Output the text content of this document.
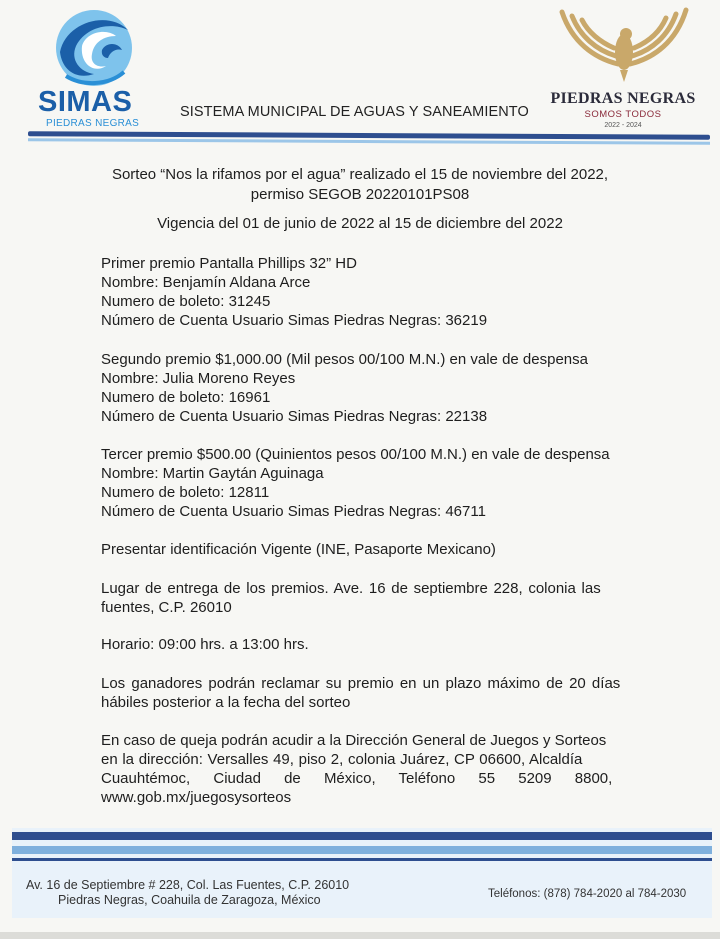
SIMAS
PIEDRAS NEGRAS
SISTEMA MUNICIPAL DE AGUAS Y SANEAMIENTO
PIEDRAS NEGRAS
SOMOS TODOS
2022 - 2024
Sorteo “Nos la rifamos por el agua” realizado el 15 de noviembre del 2022,
permiso SEGOB 20220101PS08
Vigencia del 01 de junio de 2022 al 15 de diciembre del 2022
Primer premio Pantalla Phillips 32” HD
Nombre: Benjamín Aldana Arce
Numero de boleto: 31245
Número de Cuenta Usuario Simas Piedras Negras: 36219
Segundo premio $1,000.00 (Mil pesos 00/100 M.N.) en vale de despensa
Nombre: Julia Moreno Reyes
Numero de boleto: 16961
Número de Cuenta Usuario Simas Piedras Negras: 22138
Tercer premio $500.00 (Quinientos pesos 00/100 M.N.) en vale de despensa
Nombre: Martin Gaytán Aguinaga
Numero de boleto: 12811
Número de Cuenta Usuario Simas Piedras Negras: 46711
Presentar identificación Vigente (INE, Pasaporte Mexicano)
Lugar de entrega de los premios. Ave. 16 de septiembre 228, colonia las
fuentes, C.P. 26010
Horario: 09:00 hrs. a 13:00 hrs.
Los ganadores podrán reclamar su premio en un plazo máximo de 20 días
hábiles posterior a la fecha del sorteo
En caso de queja podrán acudir a la Dirección General de Juegos y Sorteos
en la dirección: Versalles 49, piso 2, colonia Juárez, CP 06600, Alcaldía
Cuauhtémoc, Ciudad de México, Teléfono 55 5209 8800,
www.gob.mx/juegosysorteos
Av. 16 de Septiembre # 228, Col. Las Fuentes, C.P. 26010
Piedras Negras, Coahuila de Zaragoza, México	Teléfonos: (878) 784-2020 al 784-2030
